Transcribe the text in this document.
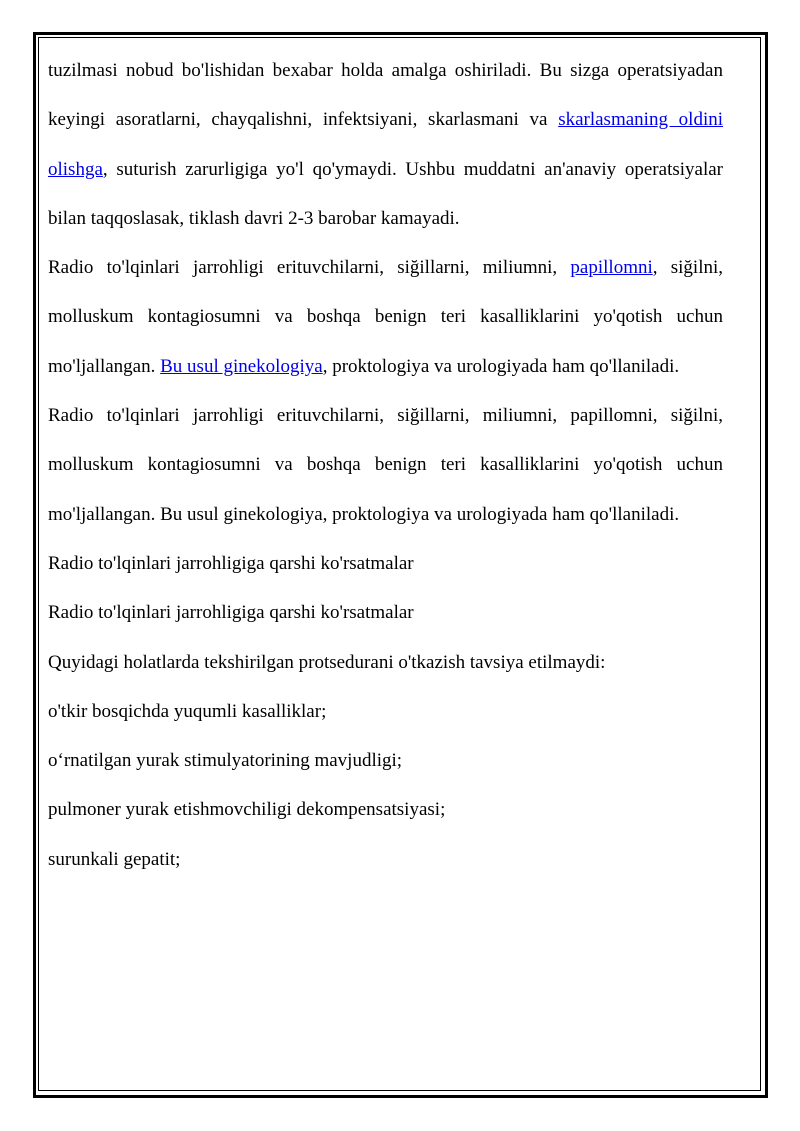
tuzilmasi nobud bo'lishidan bexabar holda amalga oshiriladi. Bu sizga operatsiyadan keyingi asoratlarni, chayqalishni, infektsiyani, skarlasmani va skarlasmaning oldini olishga, suturish zarurligiga yo'l qo'ymaydi. Ushbu muddatni an'anaviy operatsiyalar bilan taqqoslasak, tiklash davri 2-3 barobar kamayadi.

Radio to'lqinlari jarrohligi erituvchilarni, siğillarni, miliumni, papillomni, siğilni, molluskum kontagiosumni va boshqa benign teri kasalliklarini yo'qotish uchun mo'ljallangan. Bu usul ginekologiya, proktologiya va urologiyada ham qo'llaniladi.

Radio to'lqinlari jarrohligi erituvchilarni, siğillarni, miliumni, papillomni, siğilni, molluskum kontagiosumni va boshqa benign teri kasalliklarini yo'qotish uchun mo'ljallangan. Bu usul ginekologiya, proktologiya va urologiyada ham qo'llaniladi.

Radio to'lqinlari jarrohligiga qarshi ko'rsatmalar

Radio to'lqinlari jarrohligiga qarshi ko'rsatmalar

Quyidagi holatlarda tekshirilgan protsedurani o'tkazish tavsiya etilmaydi:

o'tkir bosqichda yuqumli kasalliklar;

oʻrnatilgan yurak stimulyatorining mavjudligi;

pulmoner yurak etishmovchiligi dekompensatsiyasi;

surunkali gepatit;
